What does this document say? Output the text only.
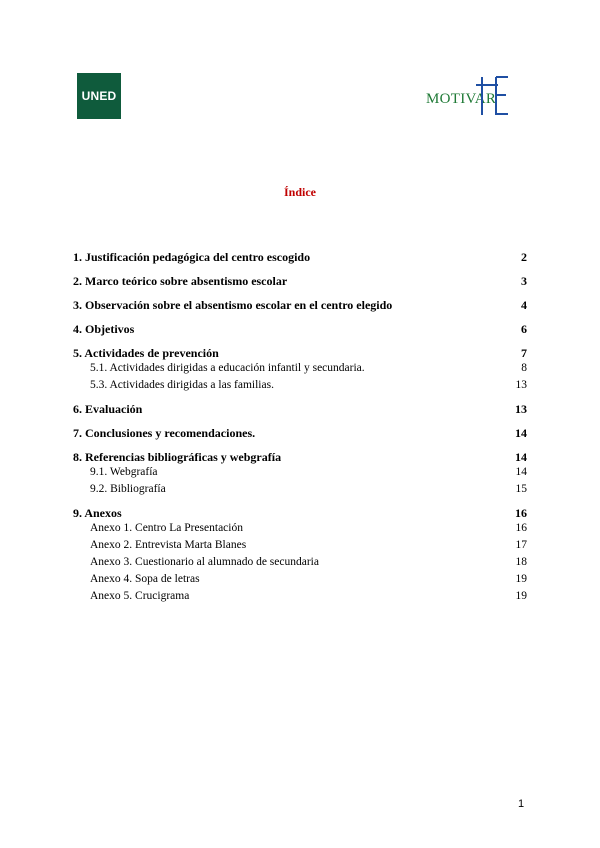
UNED	MOTIVAR
Índice
1. Justificación pedagógica del centro escogido	2
2. Marco teórico sobre absentismo escolar	3
3. Observación sobre el absentismo escolar en el centro elegido	4
4. Objetivos	6
5. Actividades de prevención	7
5.1. Actividades dirigidas a educación infantil y secundaria.	8
5.3. Actividades dirigidas a las familias.	13
6. Evaluación	13
7. Conclusiones y recomendaciones.	14
8. Referencias bibliográficas y webgrafía	14
9.1. Webgrafía	14
9.2. Bibliografía	15
9. Anexos	16
Anexo 1. Centro La Presentación	16
Anexo 2. Entrevista Marta Blanes	17
Anexo 3. Cuestionario al alumnado de secundaria	18
Anexo 4. Sopa de letras	19
Anexo 5. Crucigrama	19
1
